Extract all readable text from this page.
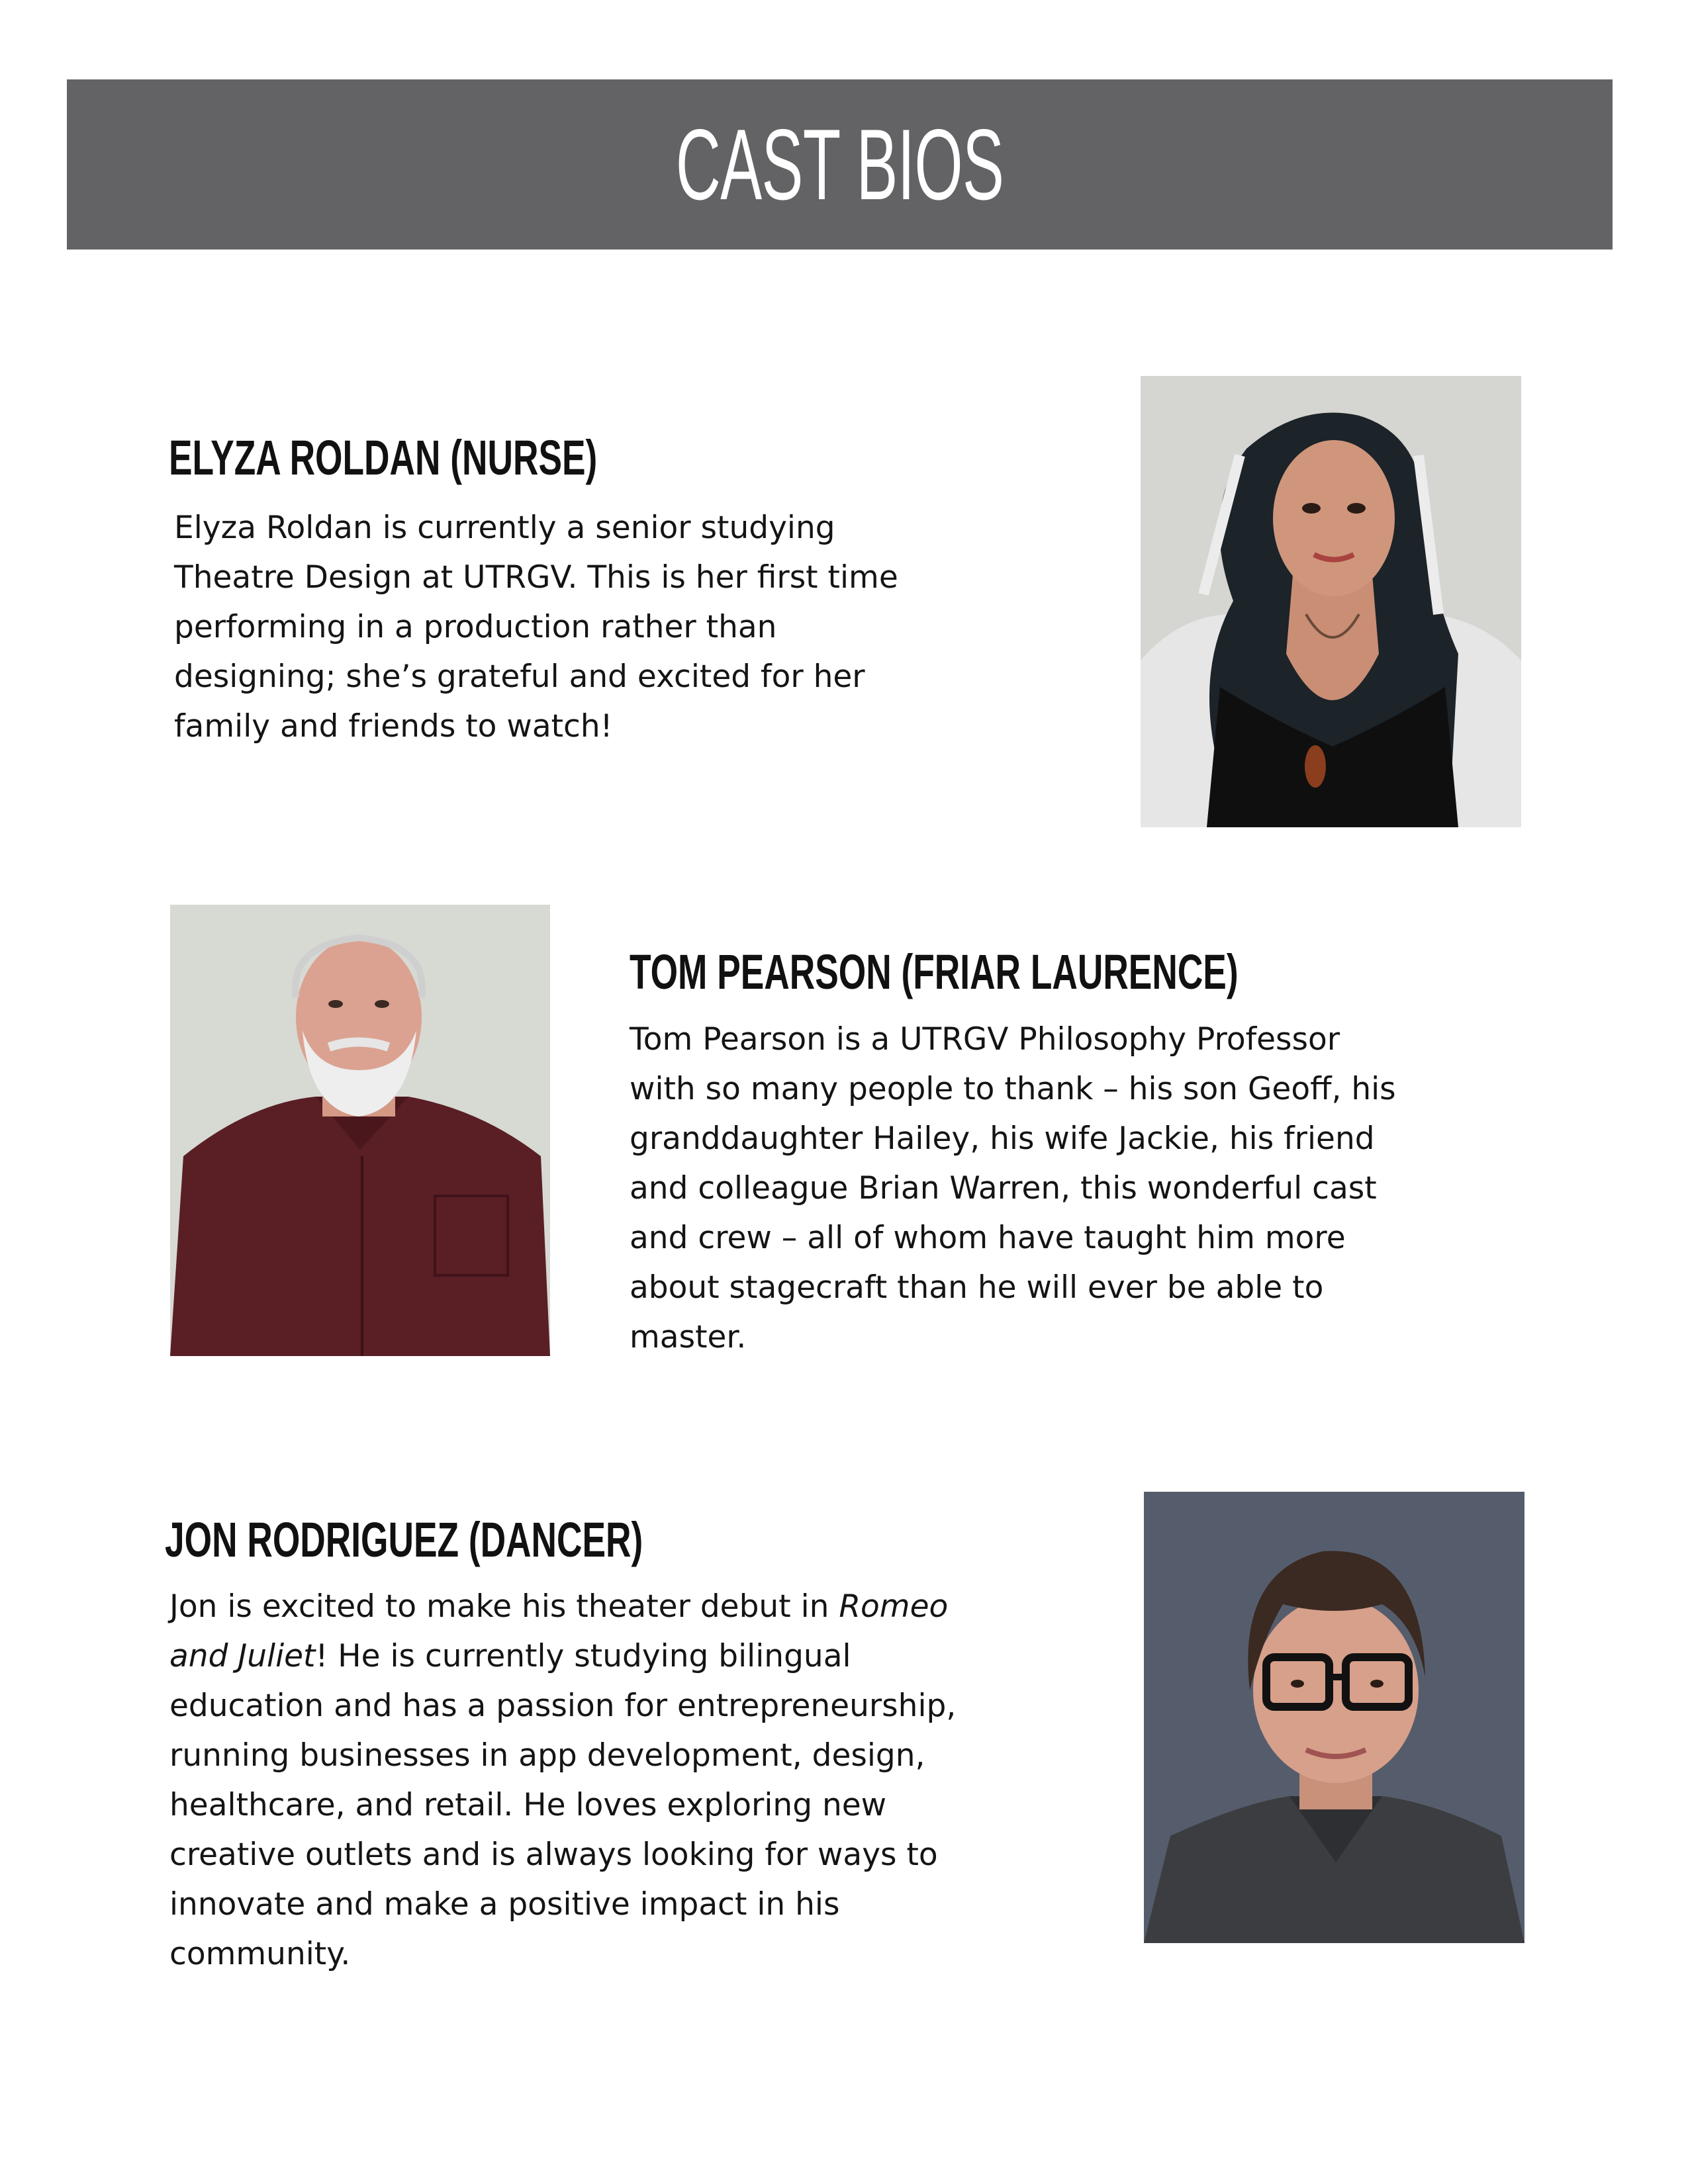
CAST BIOS
ELYZA ROLDAN (NURSE)
Elyza Roldan is currently a senior studying
Theatre Design at UTRGV. This is her first time
performing in a production rather than
designing; she’s grateful and excited for her
family and friends to watch!
TOM PEARSON (FRIAR LAURENCE)
Tom Pearson is a UTRGV Philosophy Professor
with so many people to thank – his son Geoff, his
granddaughter Hailey, his wife Jackie, his friend
and colleague Brian Warren, this wonderful cast
and crew – all of whom have taught him more
about stagecraft than he will ever be able to
master.
JON RODRIGUEZ (DANCER)
Jon is excited to make his theater debut in Romeo
and Juliet! He is currently studying bilingual
education and has a passion for entrepreneurship,
running businesses in app development, design,
healthcare, and retail. He loves exploring new
creative outlets and is always looking for ways to
innovate and make a positive impact in his
community.
